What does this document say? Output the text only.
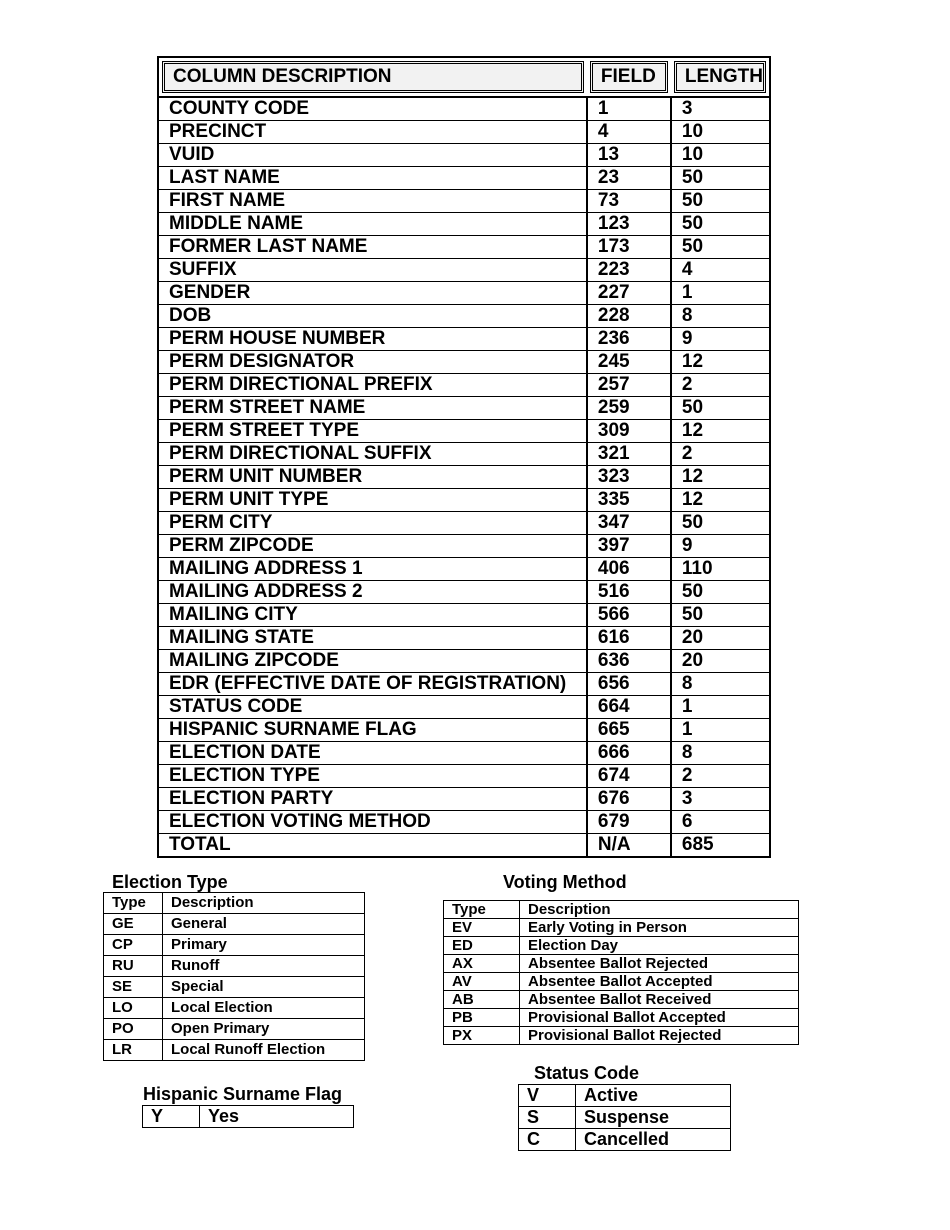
COLUMN DESCRIPTION	FIELD	LENGTH

COUNTY CODE	1	3
PRECINCT	4	10
VUID	13	10
LAST NAME	23	50
FIRST NAME	73	50
MIDDLE NAME	123	50
FORMER LAST NAME	173	50
SUFFIX	223	4
GENDER	227	1
DOB	228	8
PERM HOUSE NUMBER	236	9
PERM DESIGNATOR	245	12
PERM DIRECTIONAL PREFIX	257	2
PERM STREET NAME	259	50
PERM STREET TYPE	309	12
PERM DIRECTIONAL SUFFIX	321	2
PERM UNIT NUMBER	323	12
PERM UNIT TYPE	335	12
PERM CITY	347	50
PERM ZIPCODE	397	9
MAILING ADDRESS 1	406	110
MAILING ADDRESS 2	516	50
MAILING CITY	566	50
MAILING STATE	616	20
MAILING ZIPCODE	636	20
EDR (EFFECTIVE DATE OF REGISTRATION)	656	8
STATUS CODE	664	1
HISPANIC SURNAME FLAG	665	1
ELECTION DATE	666	8
ELECTION TYPE	674	2
ELECTION PARTY	676	3
ELECTION VOTING METHOD	679	6
TOTAL	N/A	685
Election Type
Type	Description
GE	General
CP	Primary
RU	Runoff
SE	Special
LO	Local Election
PO	Open Primary
LR	Local Runoff Election
Voting Method
Type	Description
EV	Early Voting in Person
ED	Election Day
AX	Absentee Ballot Rejected
AV	Absentee Ballot Accepted
AB	Absentee Ballot Received
PB	Provisional Ballot Accepted
PX	Provisional Ballot Rejected
Hispanic Surname Flag
Y	Yes
Status Code
V	Active
S	Suspense
C	Cancelled
